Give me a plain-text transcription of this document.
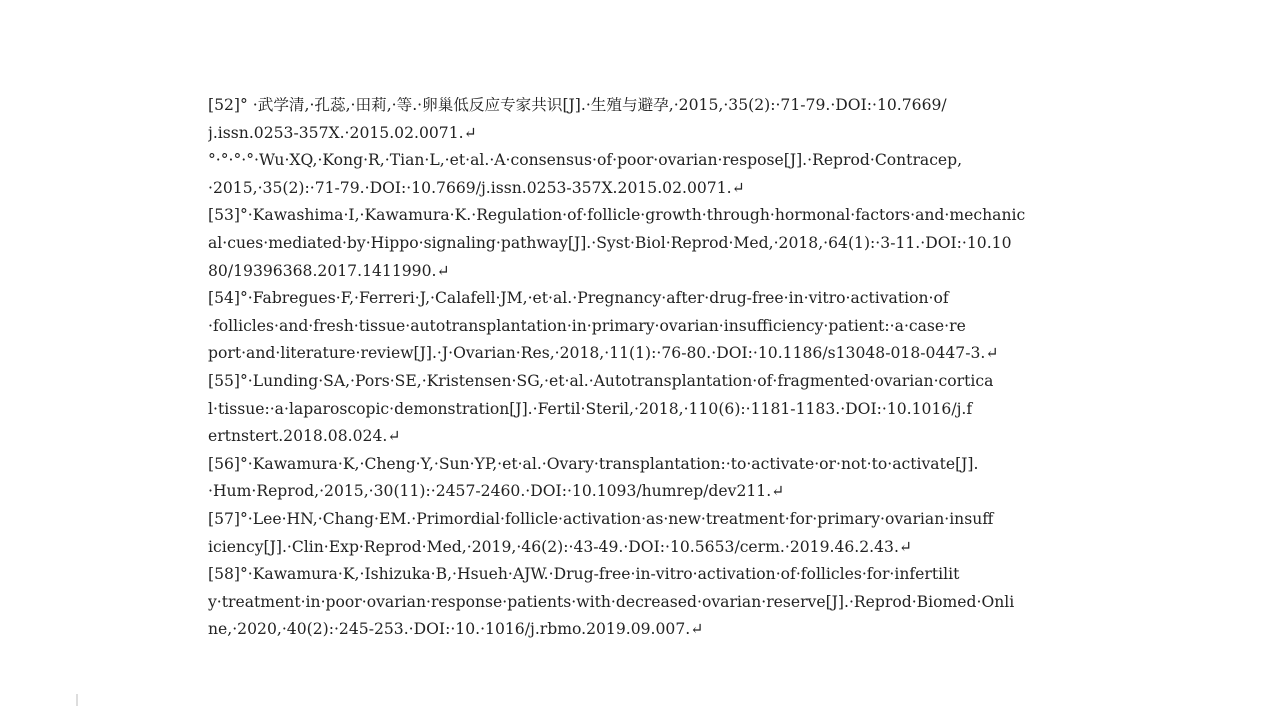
[52]° ·武学清,·孔蕊,·田莉,·等.·卵巢低反应专家共识[J].·生殖与避孕,·2015,·35(2):·71-79.·DOI:·10.7669/
j.issn.0253-357X.·2015.02.0071.↵
°·°·°·°·Wu·XQ,·Kong·R,·Tian·L,·et·al.·A·consensus·of·poor·ovarian·respose[J].·Reprod·Contracep,
·2015,·35(2):·71-79.·DOI:·10.7669/j.issn.0253-357X.2015.02.0071.↵
[53]°·Kawashima·I,·Kawamura·K.·Regulation·of·follicle·growth·through·hormonal·factors·and·mechanic
al·cues·mediated·by·Hippo·signaling·pathway[J].·Syst·Biol·Reprod·Med,·2018,·64(1):·3-11.·DOI:·10.10
80/19396368.2017.1411990.↵
[54]°·Fabregues·F,·Ferreri·J,·Calafell·JM,·et·al.·Pregnancy·after·drug-free·in·vitro·activation·of
·follicles·and·fresh·tissue·autotransplantation·in·primary·ovarian·insufficiency·patient:·a·case·re
port·and·literature·review[J].·J·Ovarian·Res,·2018,·11(1):·76-80.·DOI:·10.1186/s13048-018-0447-3.↵
[55]°·Lunding·SA,·Pors·SE,·Kristensen·SG,·et·al.·Autotransplantation·of·fragmented·ovarian·cortica
l·tissue:·a·laparoscopic·demonstration[J].·Fertil·Steril,·2018,·110(6):·1181-1183.·DOI:·10.1016/j.f
ertnstert.2018.08.024.↵
[56]°·Kawamura·K,·Cheng·Y,·Sun·YP,·et·al.·Ovary·transplantation:·to·activate·or·not·to·activate[J].
·Hum·Reprod,·2015,·30(11):·2457-2460.·DOI:·10.1093/humrep/dev211.↵
[57]°·Lee·HN,·Chang·EM.·Primordial·follicle·activation·as·new·treatment·for·primary·ovarian·insuff
iciency[J].·Clin·Exp·Reprod·Med,·2019,·46(2):·43-49.·DOI:·10.5653/cerm.·2019.46.2.43.↵
[58]°·Kawamura·K,·Ishizuka·B,·Hsueh·AJW.·Drug-free·in-vitro·activation·of·follicles·for·infertilit
y·treatment·in·poor·ovarian·response·patients·with·decreased·ovarian·reserve[J].·Reprod·Biomed·Onli
ne,·2020,·40(2):·245-253.·DOI:·10.·1016/j.rbmo.2019.09.007.↵
